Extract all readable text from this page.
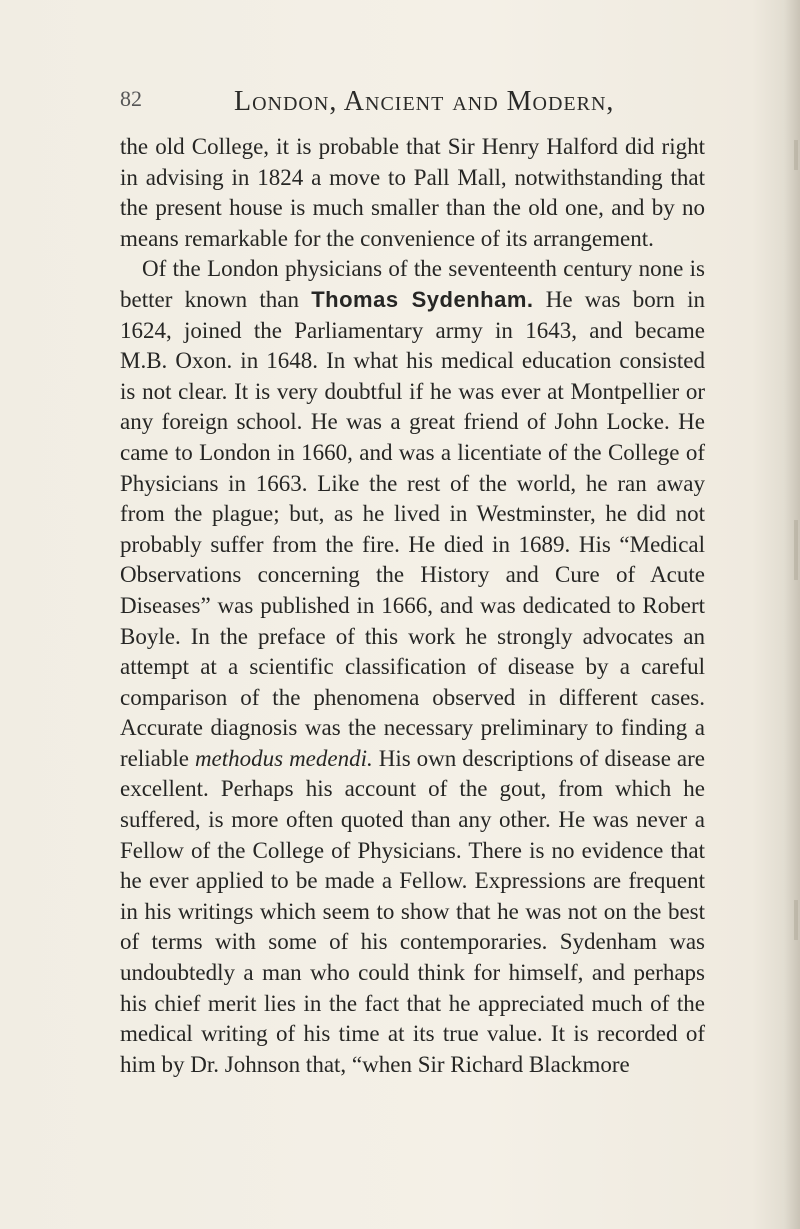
82	London, Ancient and Modern,

the old College, it is probable that Sir Henry Halford did right in advising in 1824 a move to Pall Mall, notwithstanding that the present house is much smaller than the old one, and by no means remarkable for the convenience of its arrangement.

Of the London physicians of the seventeenth century none is better known than Thomas Sydenham. He was born in 1624, joined the Parliamentary army in 1643, and became M.B. Oxon. in 1648. In what his medical education consisted is not clear. It is very doubtful if he was ever at Montpellier or any foreign school. He was a great friend of John Locke. He came to London in 1660, and was a licentiate of the College of Physicians in 1663. Like the rest of the world, he ran away from the plague; but, as he lived in Westminster, he did not probably suffer from the fire. He died in 1689. His “Medical Observations concerning the History and Cure of Acute Diseases” was published in 1666, and was dedicated to Robert Boyle. In the preface of this work he strongly advocates an attempt at a scientific classification of disease by a careful comparison of the phenomena observed in different cases. Accurate diagnosis was the necessary preliminary to finding a reliable methodus medendi. His own descriptions of disease are excellent. Perhaps his account of the gout, from which he suffered, is more often quoted than any other. He was never a Fellow of the College of Physicians. There is no evidence that he ever applied to be made a Fellow. Expressions are frequent in his writings which seem to show that he was not on the best of terms with some of his contemporaries. Sydenham was undoubtedly a man who could think for himself, and perhaps his chief merit lies in the fact that he appreciated much of the medical writing of his time at its true value. It is recorded of him by Dr. Johnson that, “when Sir Richard Blackmore
